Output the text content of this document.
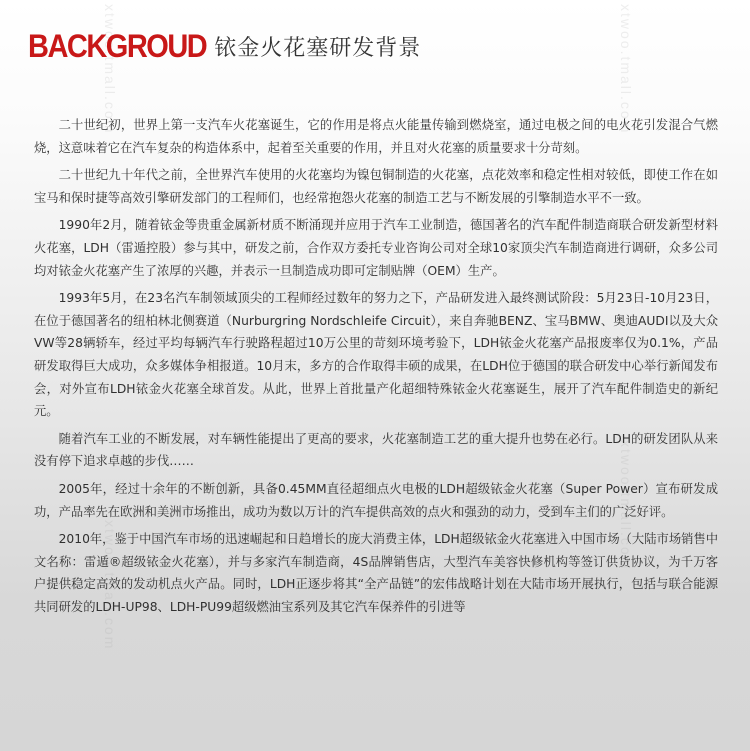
xtwoo.tmall.com	xtwoo.tmall.com
xtwoo.tmall.com
xtwoo.tmall.com
BACKGROUD 铱金火花塞研发背景

二十世纪初，世界上第一支汽车火花塞诞生，它的作用是将点火能量传输到燃烧室，通过电极之间的电火花引发混合气燃烧，这意味着它在汽车复杂的构造体系中，起着至关重要的作用，并且对火花塞的质量要求十分苛刻。

二十世纪九十年代之前，全世界汽车使用的火花塞均为镍包铜制造的火花塞，点花效率和稳定性相对较低，即使工作在如宝马和保时捷等高效引擎研发部门的工程师们，也经常抱怨火花塞的制造工艺与不断发展的引擎制造水平不一致。

1990年2月，随着铱金等贵重金属新材质不断涌现并应用于汽车工业制造，德国著名的汽车配件制造商联合研发新型材料火花塞，LDH（雷遁控股）参与其中，研发之前，合作双方委托专业咨询公司对全球10家顶尖汽车制造商进行调研，众多公司均对铱金火花塞产生了浓厚的兴趣，并表示一旦制造成功即可定制贴牌（OEM）生产。

1993年5月，在23名汽车制领域顶尖的工程师经过数年的努力之下，产品研发进入最终测试阶段：5月23日-10月23日，在位于德国著名的纽柏林北侧赛道（Nurburgring Nordschleife Circuit），来自奔驰BENZ、宝马BMW、奥迪AUDI以及大众VW等28辆轿车，经过平均每辆汽车行驶路程超过10万公里的苛刻环境考验下，LDH铱金火花塞产品报废率仅为0.1%，产品研发取得巨大成功，众多媒体争相报道。10月末，多方的合作取得丰硕的成果，在LDH位于德国的联合研发中心举行新闻发布会，对外宣布LDH铱金火花塞全球首发。从此，世界上首批量产化超细特殊铱金火花塞诞生，展开了汽车配件制造史的新纪元。

随着汽车工业的不断发展，对车辆性能提出了更高的要求，火花塞制造工艺的重大提升也势在必行。LDH的研发团队从来没有停下追求卓越的步伐……

2005年，经过十余年的不断创新，具备0.45MM直径超细点火电极的LDH超级铱金火花塞（Super Power）宣布研发成功，产品率先在欧洲和美洲市场推出，成功为数以万计的汽车提供高效的点火和强劲的动力，受到车主们的广泛好评。

2010年，鉴于中国汽车市场的迅速崛起和日趋增长的庞大消费主体，LDH超级铱金火花塞进入中国市场（大陆市场销售中文名称：雷遁®超级铱金火花塞），并与多家汽车制造商，4S品牌销售店，大型汽车美容快修机构等签订供货协议，为千万客户提供稳定高效的发动机点火产品。同时，LDH正逐步将其“全产品链”的宏伟战略计划在大陆市场开展执行，包括与联合能源共同研发的LDH-UP98、LDH-PU99超级燃油宝系列及其它汽车保养件的引进等
